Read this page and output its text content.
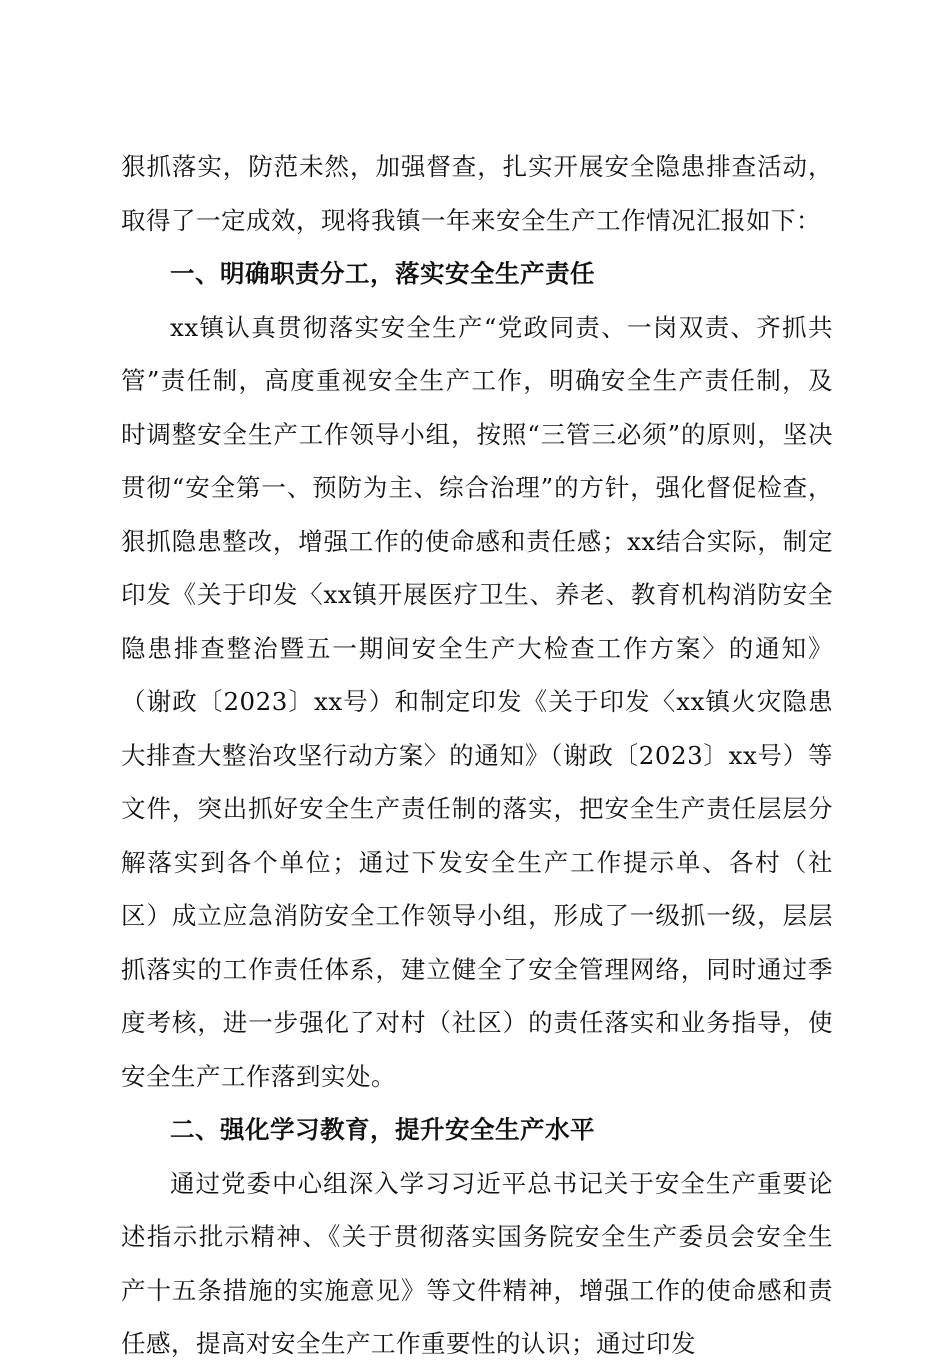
狠抓落实，防范未然，加强督查，扎实开展安全隐患排查活动，取得了一定成效，现将我镇一年来安全生产工作情况汇报如下：

一、明确职责分工，落实安全生产责任

xx镇认真贯彻落实安全生产“党政同责、一岗双责、齐抓共管”责任制，高度重视安全生产工作，明确安全生产责任制，及时调整安全生产工作领导小组，按照“三管三必须”的原则，坚决贯彻“安全第一、预防为主、综合治理”的方针，强化督促检查，狠抓隐患整改，增强工作的使命感和责任感；xx结合实际，制定印发《关于印发〈xx镇开展医疗卫生、养老、教育机构消防安全隐患排查整治暨五一期间安全生产大检查工作方案〉的通知》（谢政〔2023〕xx号）和制定印发《关于印发〈xx镇火灾隐患大排查大整治攻坚行动方案〉的通知》（谢政〔2023〕xx号）等文件，突出抓好安全生产责任制的落实，把安全生产责任层层分解落实到各个单位；通过下发安全生产工作提示单、各村（社区）成立应急消防安全工作领导小组，形成了一级抓一级，层层抓落实的工作责任体系，建立健全了安全管理网络，同时通过季度考核，进一步强化了对村（社区）的责任落实和业务指导，使安全生产工作落到实处。

二、强化学习教育，提升安全生产水平

通过党委中心组深入学习习近平总书记关于安全生产重要论述指示批示精神、《关于贯彻落实国务院安全生产委员会安全生产十五条措施的实施意见》等文件精神，增强工作的使命感和责任感，提高对安全生产工作重要性的认识；通过印发
